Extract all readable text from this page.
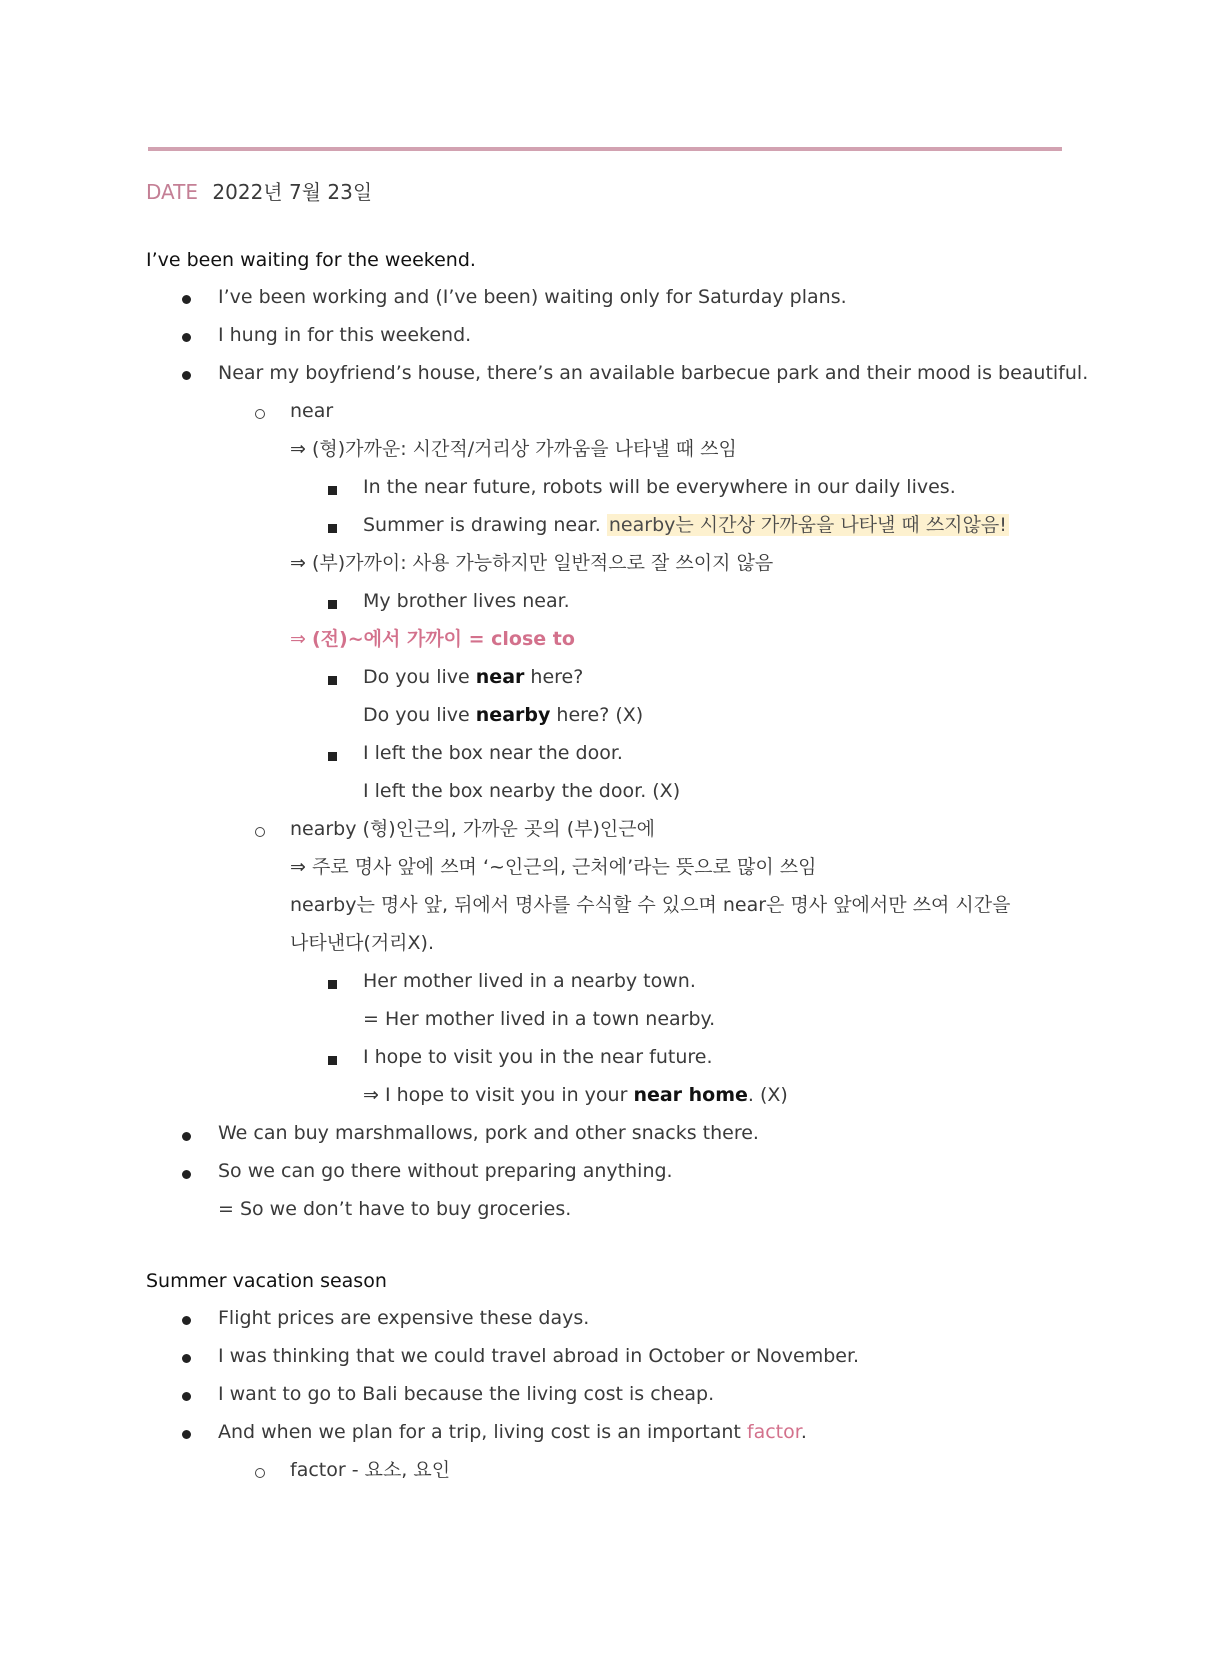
DATE 2022년 7월 23일
I’ve been waiting for the weekend.
I’ve been working and (I’ve been) waiting only for Saturday plans.
I hung in for this weekend.
Near my boyfriend’s house, there’s an available barbecue park and their mood is beautiful.
near
⇒ (형)가까운: 시간적/거리상 가까움을 나타낼 때 쓰임
In the near future, robots will be everywhere in our daily lives.
Summer is drawing near. nearby는 시간상 가까움을 나타낼 때 쓰지않음!
⇒ (부)가까이: 사용 가능하지만 일반적으로 잘 쓰이지 않음
My brother lives near.
⇒ (전)~에서 가까이 = close to
Do you live near here?
Do you live nearby here? (X)
I left the box near the door.
I left the box nearby the door. (X)
nearby (형)인근의, 가까운 곳의 (부)인근에
⇒ 주로 명사 앞에 쓰며 ‘~인근의, 근처에’라는 뜻으로 많이 쓰임
nearby는 명사 앞, 뒤에서 명사를 수식할 수 있으며 near은 명사 앞에서만 쓰여 시간을
나타낸다(거리X).
Her mother lived in a nearby town.
= Her mother lived in a town nearby.
I hope to visit you in the near future.
⇒ I hope to visit you in your near home. (X)
We can buy marshmallows, pork and other snacks there.
So we can go there without preparing anything.
= So we don’t have to buy groceries.
Summer vacation season
Flight prices are expensive these days.
I was thinking that we could travel abroad in October or November.
I want to go to Bali because the living cost is cheap.
And when we plan for a trip, living cost is an important factor.
factor - 요소, 요인
